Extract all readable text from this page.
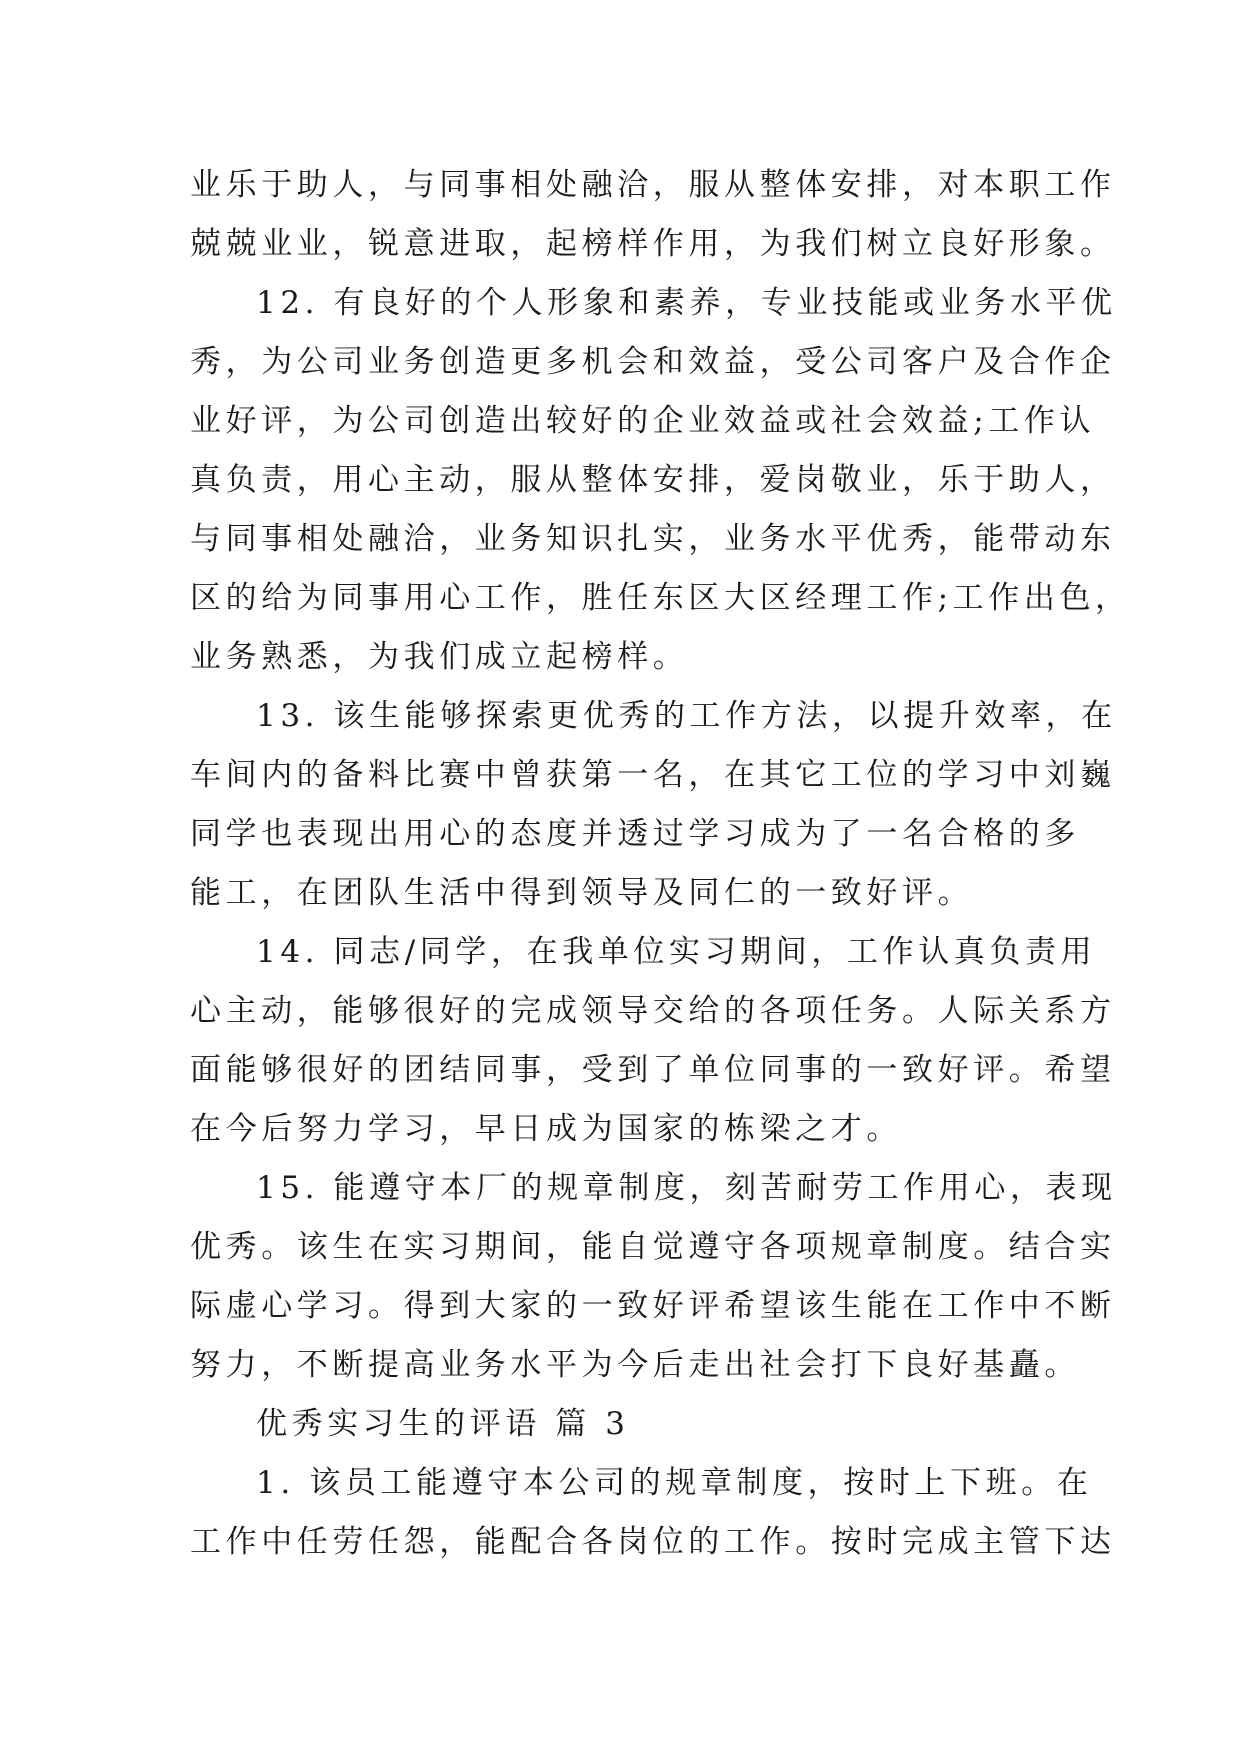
业乐于助人，与同事相处融洽，服从整体安排，对本职工作
兢兢业业，锐意进取，起榜样作用，为我们树立良好形象。
12. 有良好的个人形象和素养，专业技能或业务水平优
秀，为公司业务创造更多机会和效益，受公司客户及合作企
业好评，为公司创造出较好的企业效益或社会效益;工作认
真负责，用心主动，服从整体安排，爱岗敬业，乐于助人，
与同事相处融洽，业务知识扎实，业务水平优秀，能带动东
区的给为同事用心工作，胜任东区大区经理工作;工作出色，
业务熟悉，为我们成立起榜样。
13. 该生能够探索更优秀的工作方法，以提升效率，在
车间内的备料比赛中曾获第一名，在其它工位的学习中刘巍
同学也表现出用心的态度并透过学习成为了一名合格的多
能工，在团队生活中得到领导及同仁的一致好评。
14. 同志/同学，在我单位实习期间，工作认真负责用
心主动，能够很好的完成领导交给的各项任务。人际关系方
面能够很好的团结同事，受到了单位同事的一致好评。希望
在今后努力学习，早日成为国家的栋梁之才。
15. 能遵守本厂的规章制度，刻苦耐劳工作用心，表现
优秀。该生在实习期间，能自觉遵守各项规章制度。结合实
际虚心学习。得到大家的一致好评希望该生能在工作中不断
努力，不断提高业务水平为今后走出社会打下良好基矗。
优秀实习生的评语 篇 3
1. 该员工能遵守本公司的规章制度，按时上下班。在
工作中任劳任怨，能配合各岗位的工作。按时完成主管下达
